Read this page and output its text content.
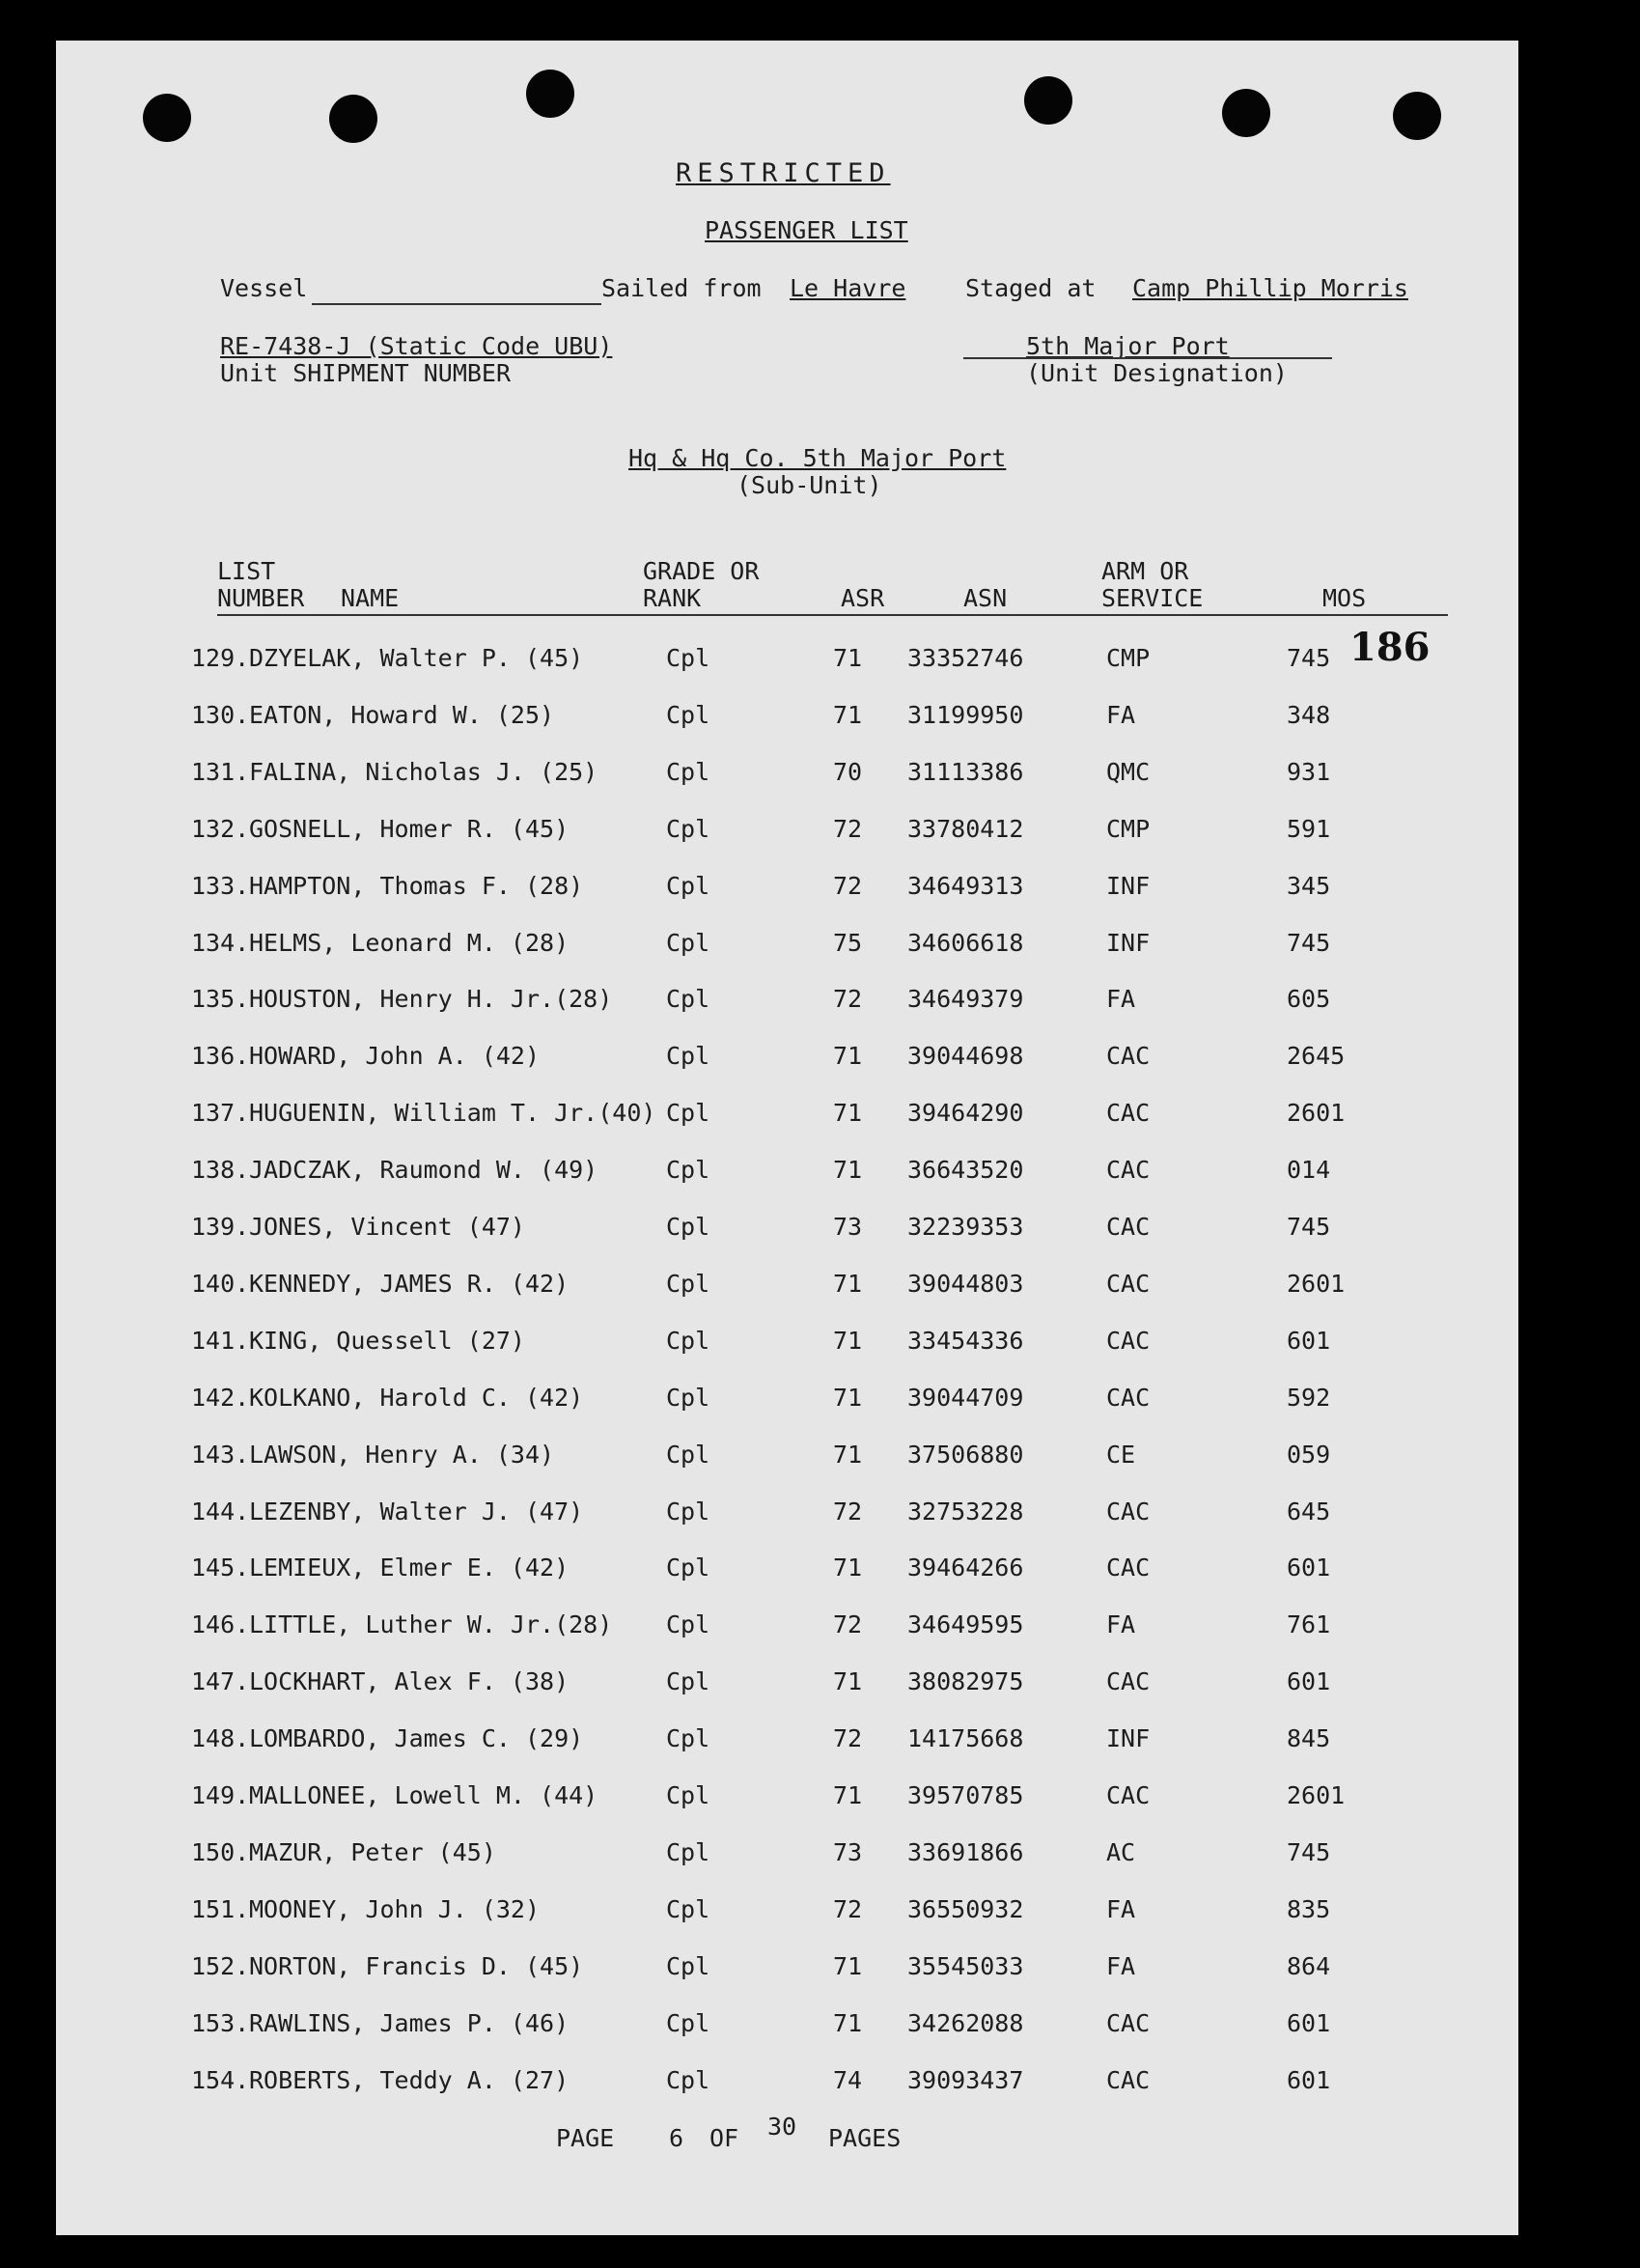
RESTRICTED
PASSENGER LIST
Vessel	Sailed from Le Havre Staged at Camp Phillip Morris
RE-7438-J (Static Code UBU)
Unit SHIPMENT NUMBER
5th Major Port
(Unit Designation)
Hq & Hq Co. 5th Major Port
(Sub-Unit)
LIST
NUMBER NAME
GRADE OR
RANK	ASR	ASN
ARM OR
SERVICE	MOS
186
129. DZYELAK, Walter P. (45)	Cpl	71 33352746	CMP	745
130. EATON, Howard W. (25)	Cpl	71 31199950	FA	348
131. FALINA, Nicholas J. (25)	Cpl	70 31113386	QMC	931
132. GOSNELL, Homer R. (45)	Cpl	72 33780412	CMP	591
133. HAMPTON, Thomas F. (28)	Cpl	72 34649313	INF	345
134. HELMS, Leonard M. (28)	Cpl	75 34606618	INF	745
135. HOUSTON, Henry H. Jr.(28) Cpl	72 34649379	FA	605
136. HOWARD, John A. (42)	Cpl	71 39044698	CAC	2645
137. HUGUENIN, William T. Jr.(40) Cpl	71 39464290	CAC	2601
138. JADCZAK, Raumond W. (49)	Cpl	71 36643520	CAC	014
139. JONES, Vincent (47)	Cpl	73 32239353	CAC	745
140. KENNEDY, JAMES R. (42)	Cpl	71 39044803	CAC	2601
141. KING, Quessell (27)	Cpl	71 33454336	CAC	601
142. KOLKANO, Harold C. (42)	Cpl	71 39044709	CAC	592
143. LAWSON, Henry A. (34)	Cpl	71 37506880	CE	059
144. LEZENBY, Walter J. (47)	Cpl	72 32753228	CAC	645
145. LEMIEUX, Elmer E. (42)	Cpl	71 39464266	CAC	601
146. LITTLE, Luther W. Jr.(28) Cpl	72 34649595	FA	761
147. LOCKHART, Alex F. (38)	Cpl	71 38082975	CAC	601
148. LOMBARDO, James C. (29)	Cpl	72 14175668	INF	845
149. MALLONEE, Lowell M. (44)	Cpl	71 39570785	CAC	2601
150. MAZUR, Peter (45)	Cpl	73 33691866	AC	745
151. MOONEY, John J. (32)	Cpl	72 36550932	FA	835
152. NORTON, Francis D. (45)	Cpl	71 35545033	FA	864
153. RAWLINS, James P. (46)	Cpl	71 34262088	CAC	601
154. ROBERTS, Teddy A. (27)	Cpl	74 39093437	CAC	601
PAGE 6 OF 30 PAGES
